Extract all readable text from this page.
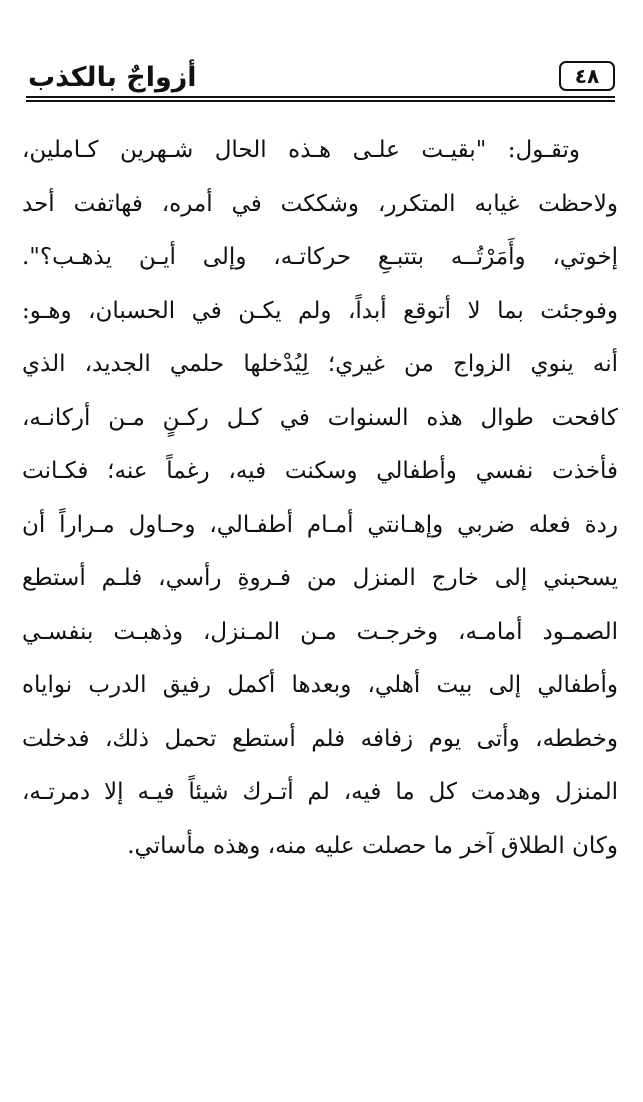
أزواجٌ بالكذب	٤٨
وتقـول: "بقيـت علـى هـذه الحال شـهرين كـاملين،
ولاحظت غيابه المتكرر، وشككت في أمره، فهاتفت أحد
إخوتي، وأَمَرْتُــه بتتبـعِ حركاتـه، وإلى أيـن يذهـب؟".
وفوجئت بما لا أتوقع أبداً، ولم يكـن في الحسبان، وهـو:
أنه ينوي الزواج من غيري؛ لِيُدْخلها حلمي الجديد، الذي
كافحت طوال هذه السنوات في كـل ركـنٍ مـن أركانـه،
فأخذت نفسي وأطفالي وسكنت فيه، رغماً عنه؛ فكـانت
ردة فعله ضربي وإهـانتي أمـام أطفـالي، وحـاول مـراراً أن
يسحبني إلى خارج المنزل من فـروةِ رأسي، فلـم أستطع
الصمـود أمامـه، وخرجـت مـن المـنزل، وذهبـت بنفسـي
وأطفالي إلى بيت أهلي، وبعدها أكمل رفيق الدرب نواياه
وخططه، وأتى يوم زفافه فلم أستطع تحمل ذلك، فدخلت
المنزل وهدمت كل ما فيه، لم أتـرك شيئاً فيـه إلا دمرتـه،
وكان الطلاق آخر ما حصلت عليه منه، وهذه مأساتي.
